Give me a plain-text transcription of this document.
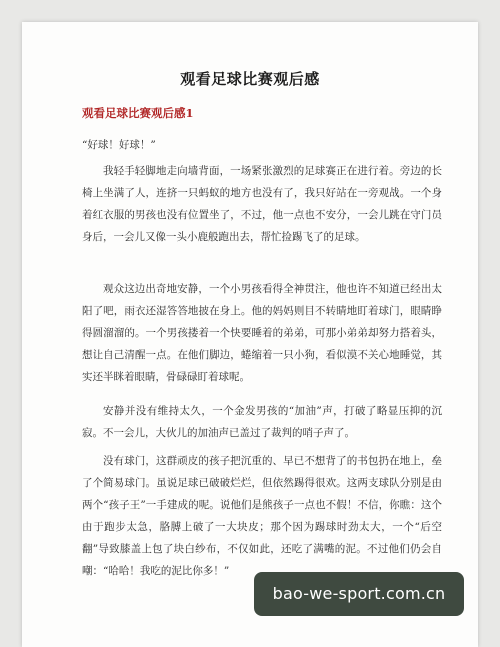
观看足球比赛观后感
观看足球比赛观后感1

“好球！好球！”

我轻手轻脚地走向墙背面，一场紧张激烈的足球赛正在进行着。旁边的长椅上坐满了人，连挤一只蚂蚁的地方也没有了，我只好站在一旁观战。一个身着红衣服的男孩也没有位置坐了，不过，他一点也不安分，一会儿跳在守门员身后，一会儿又像一头小鹿般跑出去，帮忙捡踢飞了的足球。

观众这边出奇地安静，一个小男孩看得全神贯注，他也许不知道已经出太阳了吧，雨衣还湿答答地披在身上。他的妈妈则目不转睛地盯着球门，眼睛睁得圆溜溜的。一个男孩搂着一个快要睡着的弟弟，可那小弟弟却努力搭着头，想让自己清醒一点。在他们脚边，蜷缩着一只小狗，看似漠不关心地睡觉，其实还半眯着眼睛，骨碌碌盯着球呢。

安静并没有维持太久，一个金发男孩的“加油”声，打破了略显压抑的沉寂。不一会儿，大伙儿的加油声已盖过了裁判的哨子声了。

没有球门，这群顽皮的孩子把沉重的、早已不想背了的书包扔在地上，垒了个简易球门。虽说足球已破破烂烂，但依然踢得很欢。这两支球队分别是由两个“孩子王”一手建成的呢。说他们是熊孩子一点也不假！不信，你瞧：这个由于跑步太急，胳膊上破了一大块皮；那个因为踢球时劲太大，一个“后空翻”导致膝盖上包了块白纱布，不仅如此，还吃了满嘴的泥。不过他们仍会自嘲：“哈哈！我吃的泥比你多！”

bao-we-sport.com.cn
